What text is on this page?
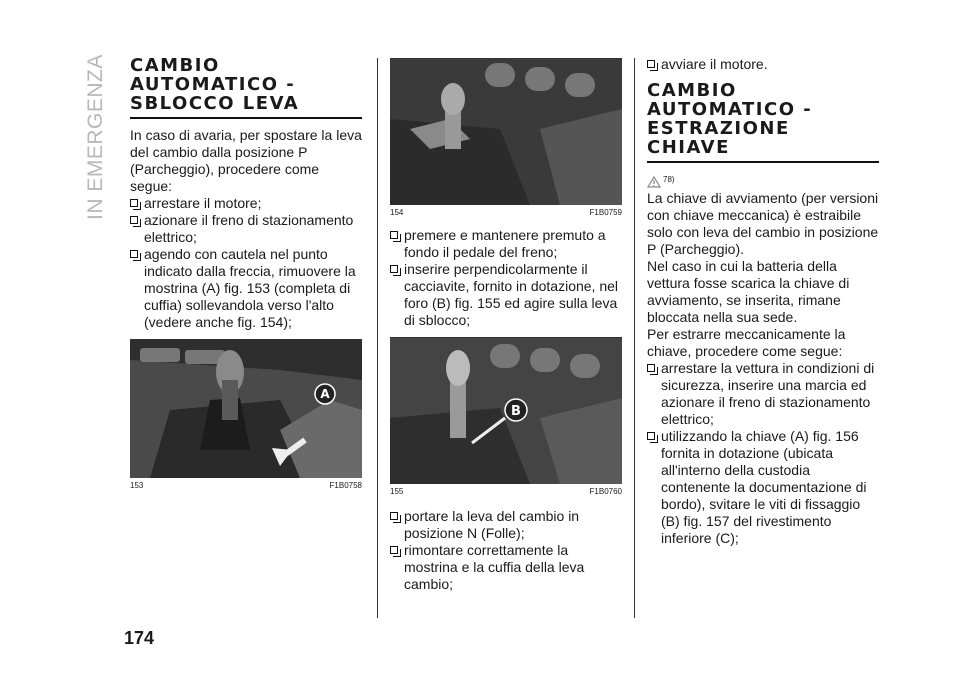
IN EMERGENZA CAMBIO AUTOMATICO - SBLOCCO LEVA

In caso di avaria, per spostare la leva del cambio dalla posizione P (Parcheggio), procedere come segue:

arrestare il motore;

azionare il freno di stazionamento elettrico;

agendo con cautela nel punto indicato dalla freccia, rimuovere la mostrina (A) fig. 153 (completa di cuffia) sollevandola verso l'alto (vedere anche fig. 154);

A
153	F1B0758
154	F1B0759

premere e mantenere premuto a fondo il pedale del freno;

inserire perpendicolarmente il cacciavite, fornito in dotazione, nel foro (B) fig. 155 ed agire sulla leva di sblocco;

B
155	F1B0760

portare la leva del cambio in posizione N (Folle);

rimontare correttamente la mostrina e la cuffia della leva cambio;

avviare il motore.

CAMBIO AUTOMATICO - ESTRAZIONE CHIAVE
78)

La chiave di avviamento (per versioni con chiave meccanica) è estraibile solo con leva del cambio in posizione P (Parcheggio).

Nel caso in cui la batteria della vettura fosse scarica la chiave di avviamento, se inserita, rimane bloccata nella sua sede.

Per estrarre meccanicamente la chiave, procedere come segue:

arrestare la vettura in condizioni di sicurezza, inserire una marcia ed azionare il freno di stazionamento elettrico;

utilizzando la chiave (A) fig. 156 fornita in dotazione (ubicata all'interno della custodia contenente la documentazione di bordo), svitare le viti di fissaggio (B) fig. 157 del rivestimento inferiore (C);

174
